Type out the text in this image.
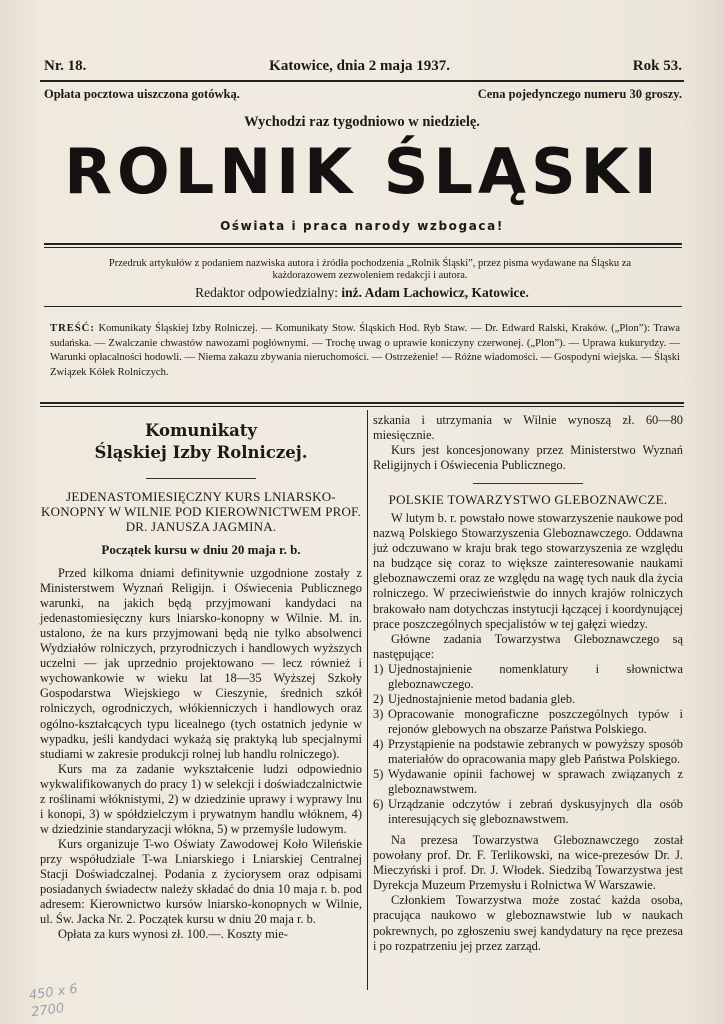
Nr. 18.	Katowice, dnia 2 maja 1937.	Rok 53.
Opłata pocztowa uiszczona gotówką.	Cena pojedynczego numeru 30 groszy.
Wychodzi raz tygodniowo w niedzielę.
ROLNIK ŚLĄSKI
Oświata i praca narody wzbogaca!
Przedruk artykułów z podaniem nazwiska autora i źródła pochodzenia „Rolnik Śląski”, przez pisma wydawane na Śląsku za każdorazowem zezwoleniem redakcji i autora.
Redaktor odpowiedzialny: inż. Adam Lachowicz, Katowice.
TREŚĆ: Komunikaty Śląskiej Izby Rolniczej. — Komunikaty Stow. Śląskich Hod. Ryb Staw. — Dr. Edward Ralski, Kraków. („Plon”): Trawa sudańska. — Zwalczanie chwastów nawozami pogłównymi. — Trochę uwag o uprawie koniczyny czerwonej. („Plon”). — Uprawa kukurydzy. — Warunki opłacalności hodowli. — Niema zakazu zbywania nieruchomości. — Ostrzeżenie! — Różne wiadomości. — Gospodyni wiejska. — Śląski Związek Kółek Rolniczych.
Komunikaty
Śląskiej Izby Rolniczej.
JEDENASTOMIESIĘCZNY KURS LNIARSKO-KONOPNY W WILNIE POD KIEROWNICTWEM PROF. DR. JANUSZA JAGMINA.
Początek kursu w dniu 20 maja r. b.

Przed kilkoma dniami definitywnie uzgodnione zostały z Ministerstwem Wyznań Religijn. i Oświecenia Publicznego warunki, na jakich będą przyjmowani kandydaci na jedenastomiesięczny kurs lniarsko-konopny w Wilnie. M. in. ustalono, że na kurs przyjmowani będą nie tylko absolwenci Wydziałów rolniczych, przyrodniczych i handlowych wyższych uczelni — jak uprzednio projektowano — lecz również i wychowankowie w wieku lat 18—35 Wyższej Szkoły Gospodarstwa Wiejskiego w Cieszynie, średnich szkół rolniczych, ogrodniczych, włókienniczych i handlowych oraz ogólno-kształcących typu licealnego (tych ostatnich jedynie w wypadku, jeśli kandydaci wykażą się praktyką lub specjalnymi studiami w zakresie produkcji rolnej lub handlu rolniczego).

Kurs ma za zadanie wykształcenie ludzi odpowiednio wykwalifikowanych do pracy 1) w selekcji i doświadczalnictwie z roślinami włóknistymi, 2) w dziedzinie uprawy i wyprawy lnu i konopi, 3) w spółdzielczym i prywatnym handlu włóknem, 4) w dziedzinie standaryzacji włókna, 5) w przemyśle ludowym.

Kurs organizuje T-wo Oświaty Zawodowej Koło Wileńskie przy współudziale T-wa Lniarskiego i Lniarskiej Centralnej Stacji Doświadczalnej. Podania z życiorysem oraz odpisami posiadanych świadectw należy składać do dnia 10 maja r. b. pod adresem: Kierownictwo kursów lniarsko-konopnych w Wilnie, ul. Św. Jacka Nr. 2. Początek kursu w dniu 20 maja r. b.

Opłata za kurs wynosi zł. 100.—. Koszty mie-

szkania i utrzymania w Wilnie wynoszą zł. 60—80 miesięcznie.

Kurs jest koncesjonowany przez Ministerstwo Wyznań Religijnych i Oświecenia Publicznego.

POLSKIE TOWARZYSTWO GLEBOZNAWCZE.

W lutym b. r. powstało nowe stowarzyszenie naukowe pod nazwą Polskiego Stowarzyszenia Gleboznawczego. Oddawna już odczuwano w kraju brak tego stowarzyszenia ze względu na budzące się coraz to większe zainteresowanie naukami gleboznawczemi oraz ze względu na wagę tych nauk dla życia rolniczego. W przeciwieństwie do innych krajów rolniczych brakowało nam dotychczas instytucji łączącej i koordynującej prace poszczególnych specjalistów w tej gałęzi wiedzy.

Główne zadania Towarzystwa Gleboznawczego są następujące:

1) Ujednostajnienie nomenklatury i słownictwa gleboznawczego.
2) Ujednostajnienie metod badania gleb.
3) Opracowanie monograficzne poszczególnych typów i rejonów glebowych na obszarze Państwa Polskiego.
4) Przystąpienie na podstawie zebranych w powyższy sposób materiałów do opracowania mapy gleb Państwa Polskiego.
5) Wydawanie opinii fachowej w sprawach związanych z gleboznawstwem.
6) Urządzanie odczytów i zebrań dyskusyjnych dla osób interesujących się gleboznawstwem.

Na prezesa Towarzystwa Gleboznawczego został powołany prof. Dr. F. Terlikowski, na wice-prezesów Dr. J. Mieczyński i prof. Dr. J. Włodek. Siedzibą Towarzystwa jest Dyrekcja Muzeum Przemysłu i Rolnictwa W Warszawie.

Członkiem Towarzystwa może zostać każda osoba, pracująca naukowo w gleboznawstwie lub w naukach pokrewnych, po zgłoszeniu swej kandydatury na ręce prezesa i po rozpatrzeniu jej przez zarząd.

450 x 6
2700
